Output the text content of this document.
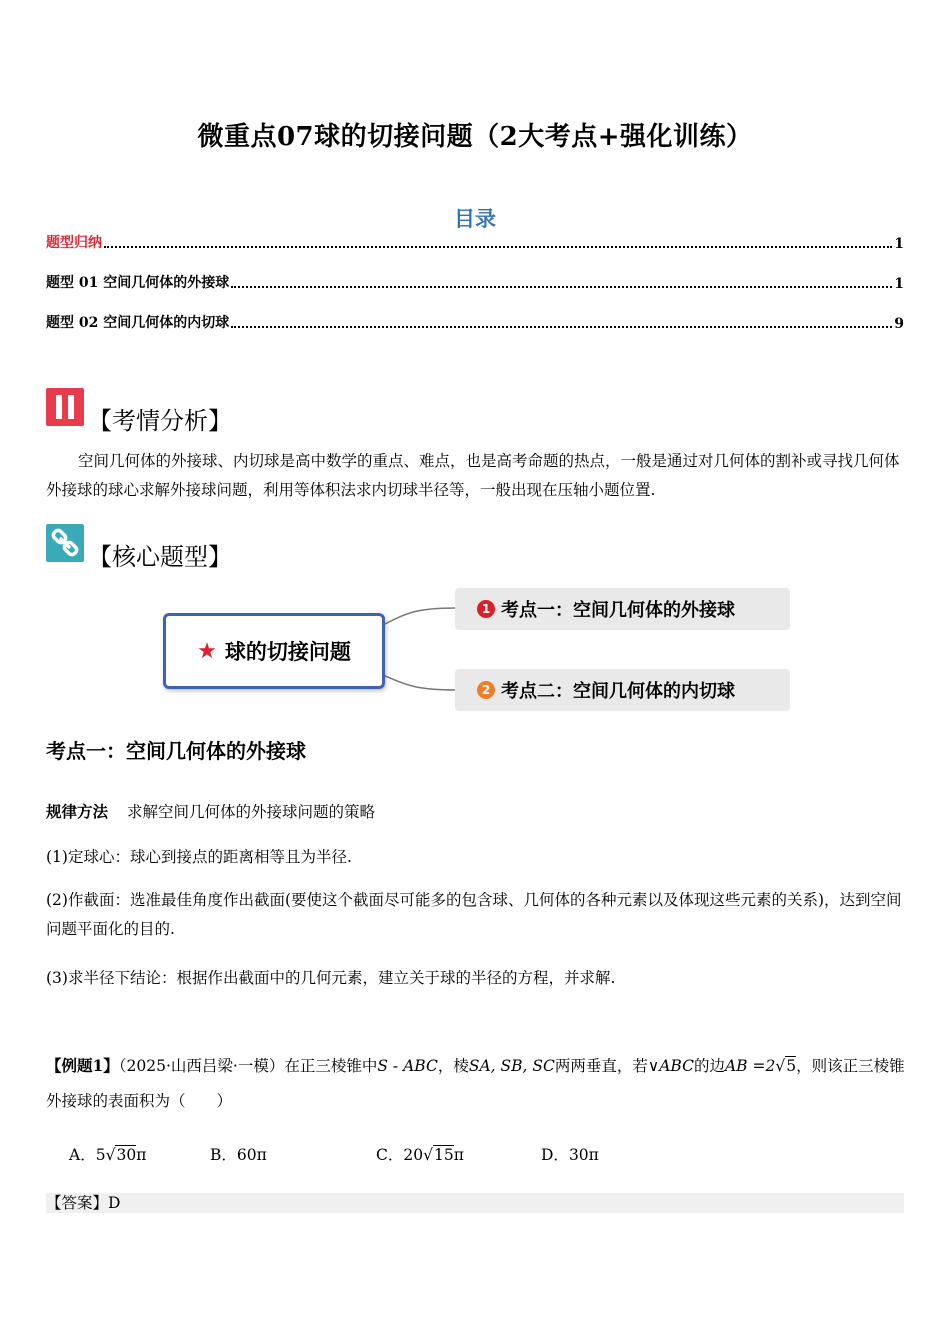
微重点07球的切接问题（2大考点+强化训练）
目录
题型归纳	1
题型 01 空间几何体的外接球	1
题型 02 空间几何体的内切球	9
【考情分析】
空间几何体的外接球、内切球是高中数学的重点、难点，也是高考命题的热点，一般是通过对几何体的割补或寻找几何体外接球的球心求解外接球问题，利用等体积法求内切球半径等，一般出现在压轴小题位置.
【核心题型】
★ 球的切接问题
1 考点一：空间几何体的外接球
2 考点二：空间几何体的内切球
考点一：空间几何体的外接球
规律方法 求解空间几何体的外接球问题的策略
(1)定球心：球心到接点的距离相等且为半径.
(2)作截面：选准最佳角度作出截面(要使这个截面尽可能多的包含球、几何体的各种元素以及体现这些元素的关系)，达到空间问题平面化的目的.
(3)求半径下结论：根据作出截面中的几何元素，建立关于球的半径的方程，并求解.
【例题1】（2025·山西吕梁·一模）在正三棱锥中S - ABC，棱SA, SB, SC两两垂直，若∨ABC的边AB =2√5，则该正三棱锥外接球的表面积为（　　）
A．5√30π	B．60π	C．20√15π	D．30π
【答案】D
